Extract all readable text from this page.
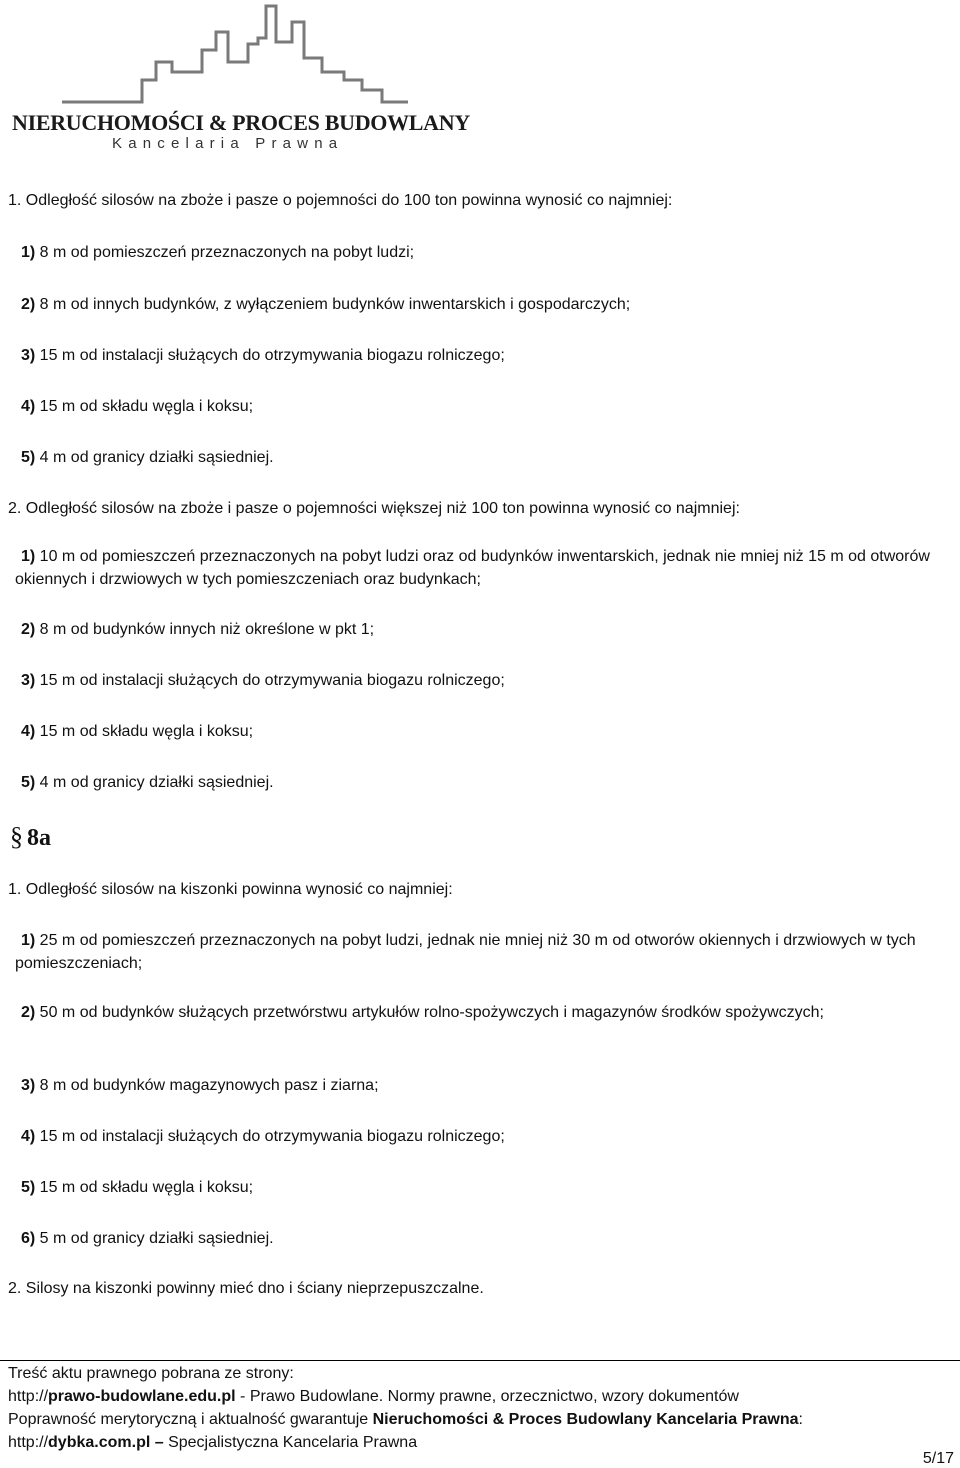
NIERUCHOMOŚCI & PROCES BUDOWLANY
Kancelaria Prawna
1. Odległość silosów na zboże i pasze o pojemności do 100 ton powinna wynosić co najmniej:
1) 8 m od pomieszczeń przeznaczonych na pobyt ludzi;
2) 8 m od innych budynków, z wyłączeniem budynków inwentarskich i gospodarczych;
3) 15 m od instalacji służących do otrzymywania biogazu rolniczego;
4) 15 m od składu węgla i koksu;
5) 4 m od granicy działki sąsiedniej.
2. Odległość silosów na zboże i pasze o pojemności większej niż 100 ton powinna wynosić co najmniej:
1) 10 m od pomieszczeń przeznaczonych na pobyt ludzi oraz od budynków inwentarskich, jednak nie mniej niż 15 m od otworów okiennych i drzwiowych w tych pomieszczeniach oraz budynkach;
2) 8 m od budynków innych niż określone w pkt 1;
3) 15 m od instalacji służących do otrzymywania biogazu rolniczego;
4) 15 m od składu węgla i koksu;
5) 4 m od granicy działki sąsiedniej.
§ 8a
1. Odległość silosów na kiszonki powinna wynosić co najmniej:
1) 25 m od pomieszczeń przeznaczonych na pobyt ludzi, jednak nie mniej niż 30 m od otworów okiennych i drzwiowych w tych pomieszczeniach;
2) 50 m od budynków służących przetwórstwu artykułów rolno-spożywczych i magazynów środków spożywczych;
3) 8 m od budynków magazynowych pasz i ziarna;
4) 15 m od instalacji służących do otrzymywania biogazu rolniczego;
5) 15 m od składu węgla i koksu;
6) 5 m od granicy działki sąsiedniej.
2. Silosy na kiszonki powinny mieć dno i ściany nieprzepuszczalne.
Treść aktu prawnego pobrana ze strony:
http://prawo-budowlane.edu.pl - Prawo Budowlane. Normy prawne, orzecznictwo, wzory dokumentów
Poprawność merytoryczną i aktualność gwarantuje Nieruchomości & Proces Budowlany Kancelaria Prawna:
http://dybka.com.pl – Specjalistyczna Kancelaria Prawna
5/17
